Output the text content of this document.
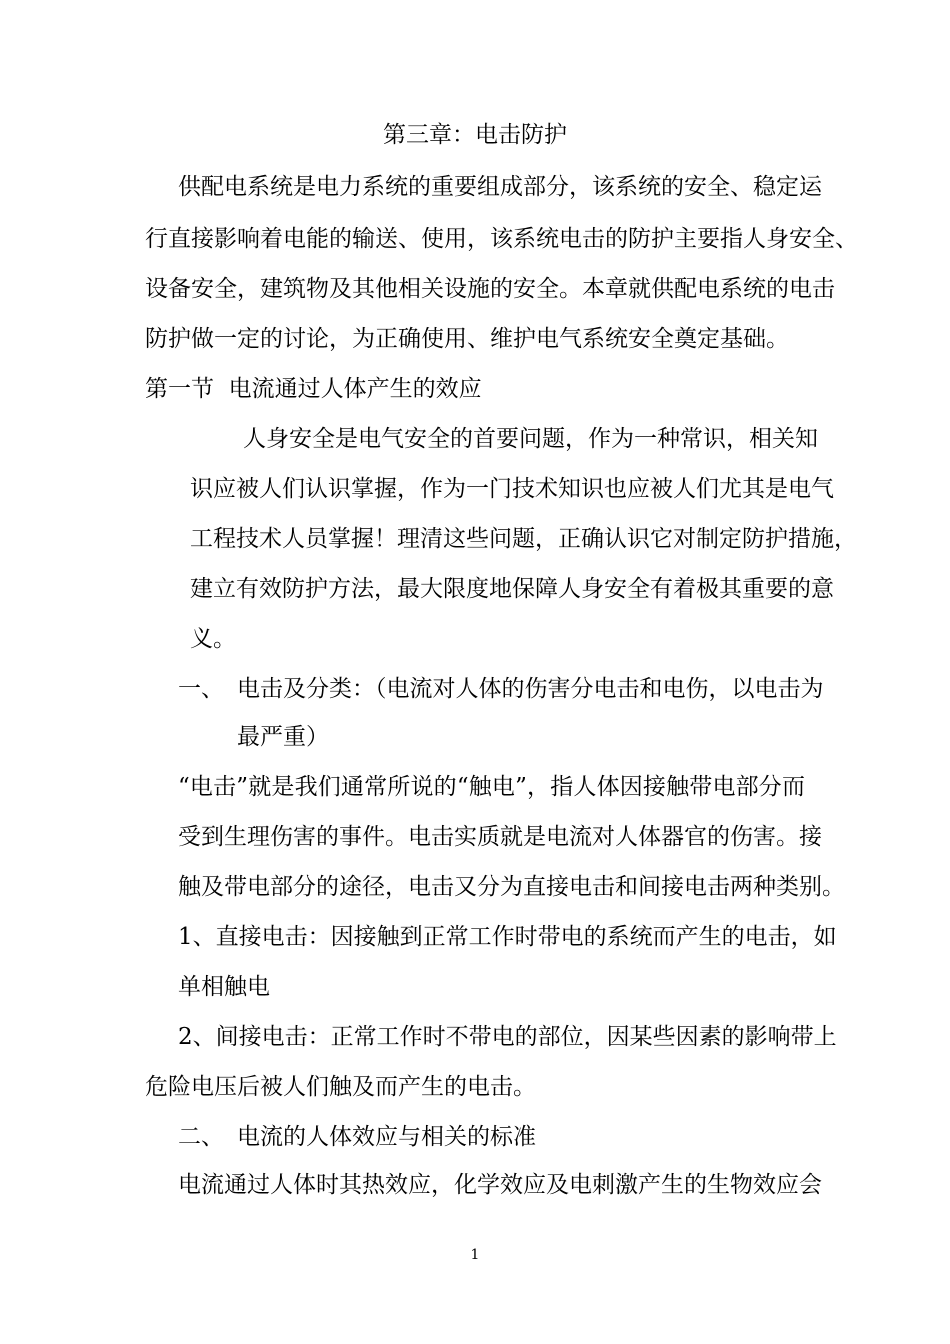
第三章：电击防护
供配电系统是电力系统的重要组成部分，该系统的安全、稳定运
行直接影响着电能的输送、使用，该系统电击的防护主要指人身安全、
设备安全，建筑物及其他相关设施的安全。本章就供配电系统的电击
防护做一定的讨论，为正确使用、维护电气系统安全奠定基础。
第一节  电流通过人体产生的效应
人身安全是电气安全的首要问题，作为一种常识，相关知
识应被人们认识掌握，作为一门技术知识也应被人们尤其是电气
工程技术人员掌握！理清这些问题，正确认识它对制定防护措施，
建立有效防护方法，最大限度地保障人身安全有着极其重要的意
义。
一、 电击及分类：（电流对人体的伤害分电击和电伤，以电击为
最严重）
“电击”就是我们通常所说的“触电”，指人体因接触带电部分而
受到生理伤害的事件。电击实质就是电流对人体器官的伤害。接
触及带电部分的途径，电击又分为直接电击和间接电击两种类别。
1、直接电击：因接触到正常工作时带电的系统而产生的电击，如
单相触电
2、间接电击：正常工作时不带电的部位，因某些因素的影响带上
危险电压后被人们触及而产生的电击。
二、 电流的人体效应与相关的标准
电流通过人体时其热效应，化学效应及电刺激产生的生物效应会
1
